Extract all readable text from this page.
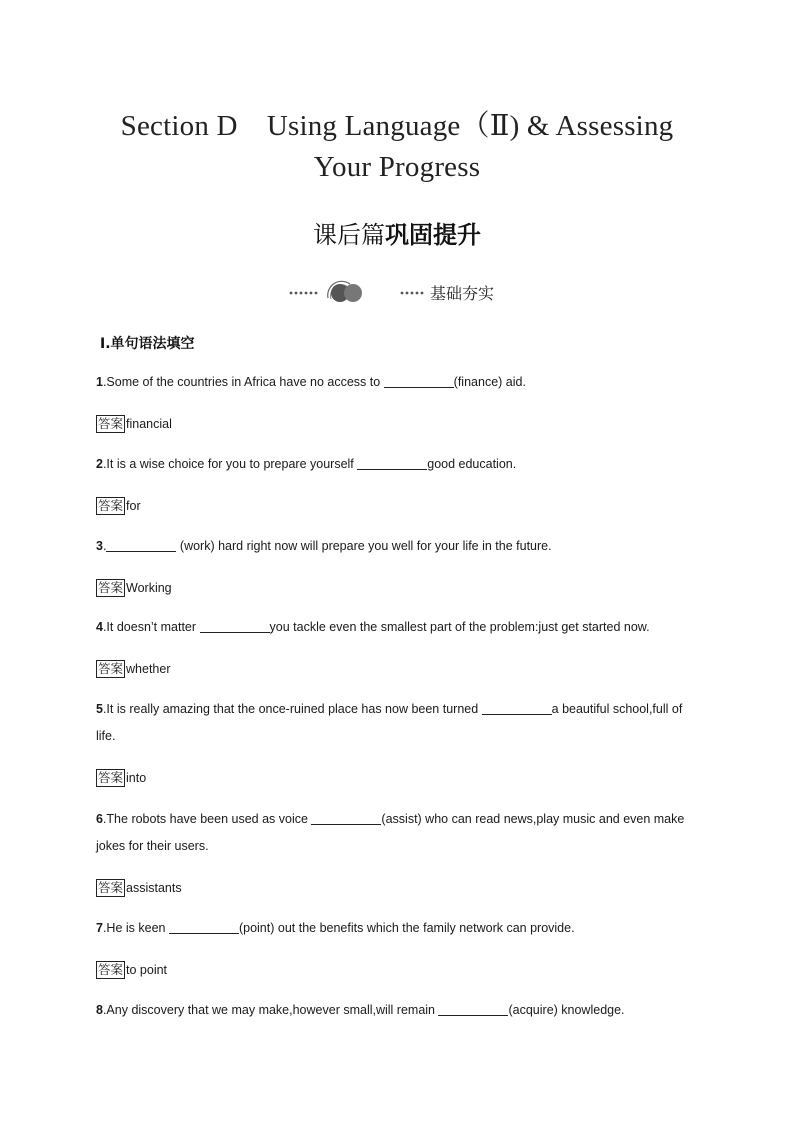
Section D　Using Language（Ⅱ) & Assessing
Your Progress
课后篇巩固提升
基础夯实
Ⅰ.单句语法填空
1.Some of the countries in Africa have no access to	(finance) aid.
答案 financial
2.It is a wise choice for you to prepare yourself	good education.
答案 for
3.	(work) hard right now will prepare you well for your life in the future.
答案 Working
4.It doesn’t matter	you tackle even the smallest part of the problem:just get started now.
答案 whether
5.It is really amazing that the once-ruined place has now been turned	a beautiful school,full of life.
答案 into
6.The robots have been used as voice	(assist) who can read news,play music and even make jokes for their users.
答案 assistants
7.He is keen	(point) out the benefits which the family network can provide.
答案 to point
8.Any discovery that we may make,however small,will remain	(acquire) knowledge.
